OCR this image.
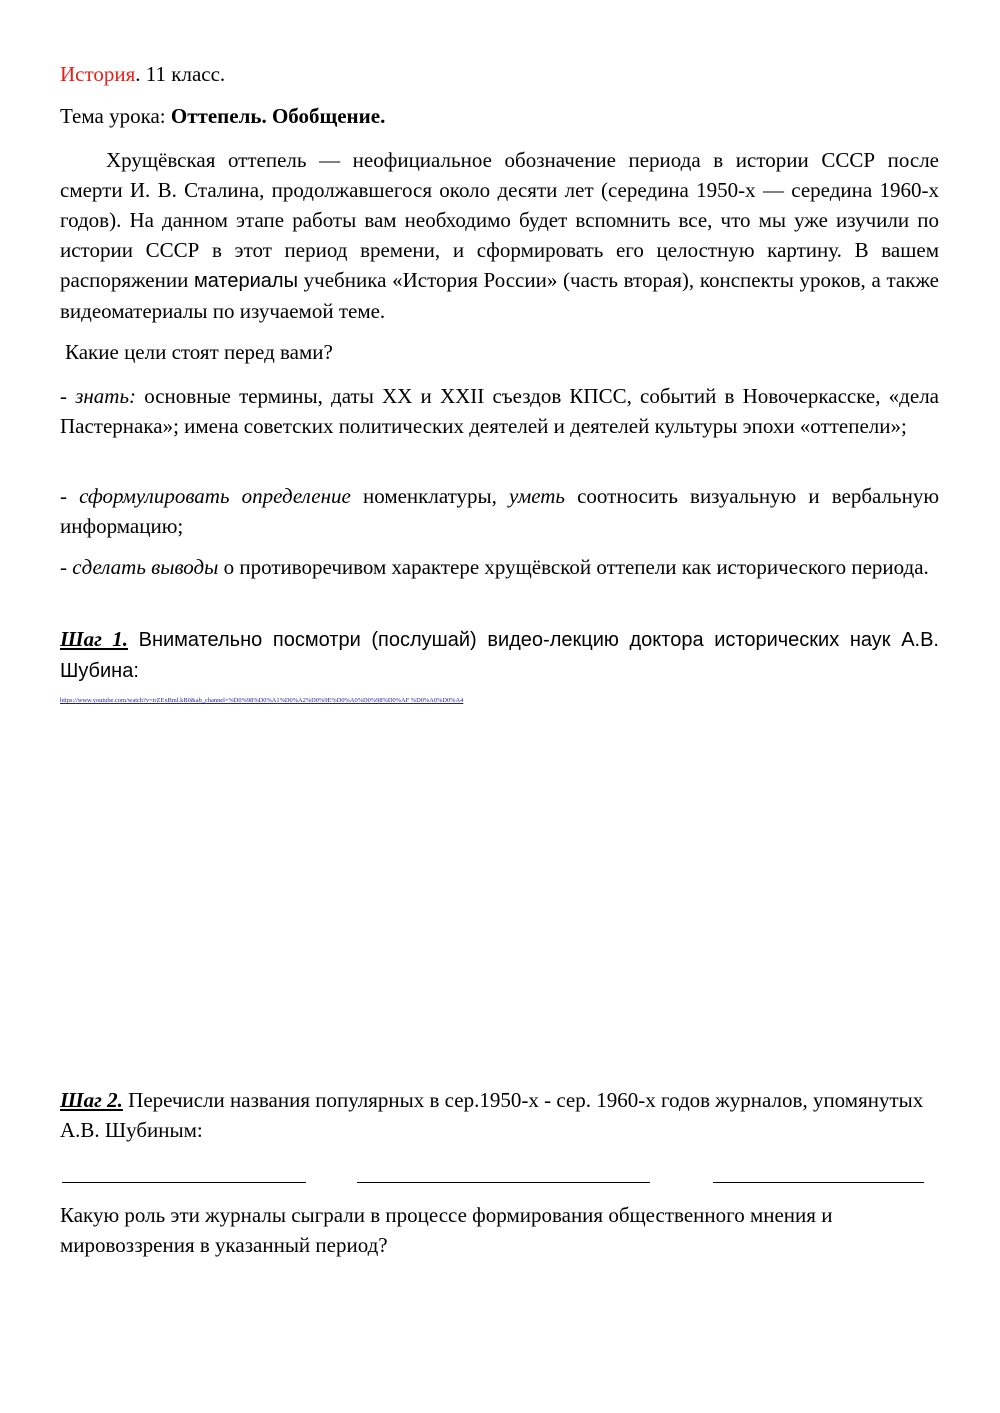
История. 11 класс.
Тема урока: Оттепель. Обобщение.

Хрущёвская оттепель — неофициальное обозначение периода в истории СССР после смерти И. В. Сталина, продолжавшегося около десяти лет (середина 1950-х — середина 1960-х годов). На данном этапе работы вам необходимо будет вспомнить все, что мы уже изучили по истории СССР в этот период времени, и сформировать его целостную картину. В вашем распоряжении материалы учебника «История России» (часть вторая), конспекты уроков, а также видеоматериалы по изучаемой теме.

Какие цели стоят перед вами?

- знать: основные термины, даты XX и XXII съездов КПСС, событий в Новочеркасске, «дела Пастернака»; имена советских политических деятелей и деятелей культуры эпохи «оттепели»;

- сформулировать определение номенклатуры, уметь соотносить визуальную и вербальную информацию;

- сделать выводы о противоречивом характере хрущёвской оттепели как исторического периода.

Шаг 1. Внимательно посмотри (послушай) видео-лекцию доктора исторических наук А.В. Шубина:

https://www.youtube.com/watch?v=irZExBml.kB0&ab_channel=%D0%98%D0%A1%D0%A2%D0%9E%D0%A0%D0%98%D0%AF %D0%A0%D0%A4

Шаг 2. Перечисли названия популярных в сер.1950-х - сер. 1960-х годов журналов, упомянутых А.В. Шубиным:

Какую роль эти журналы сыграли в процессе формирования общественного мнения и мировоззрения в указанный период?
